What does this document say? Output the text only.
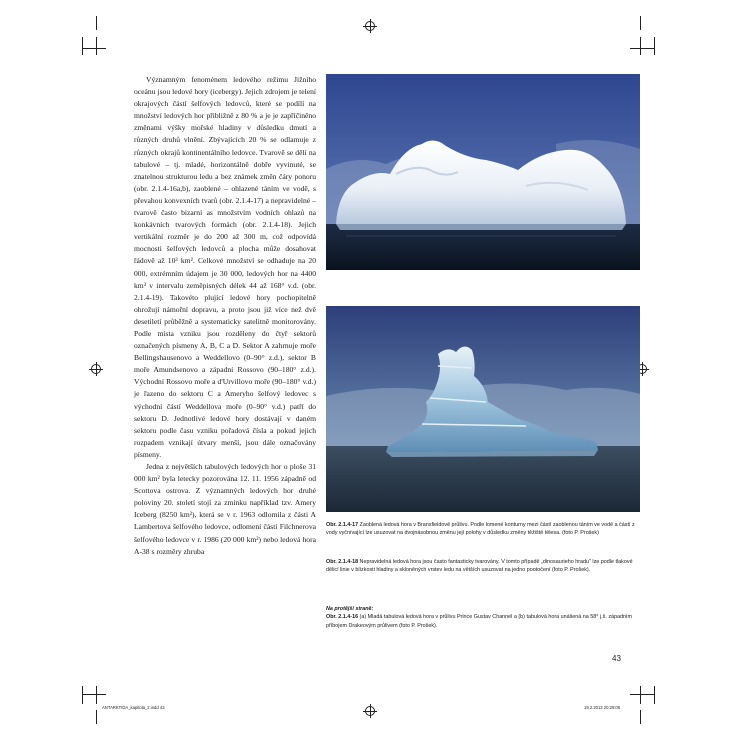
Významným fenoménem ledového režimu Jižního oceánu jsou ledové hory (icebergy). Jejich zdrojem je telení okrajových částí šelfových ledovců, které se podílí na množství ledových hor přibližně z 80 % a je je zapříčiněno změnami výšky mořské hladiny v důsledku dmutí a různých druhů vlnění. Zbývajících 20 % se odlamuje z různých okrajů kontinentálního ledovce. Tvarově se dělí na tabulové – tj. mladé, horizontálně dobře vyvinuté, se znatelnou strukturou ledu a bez známek změn čáry ponoru (obr. 2.1.4-16a,b), zaoblené – ohlazené táním ve vodě, s převahou konvexních tvarů (obr. 2.1.4-17) a nepravidelné – tvarově často bizarní as množstvím vodních ohlazů na konkávních tvarových formách (obr. 2.1.4-18). Jejich vertikální rozměr je do 200 až 300 m, což odpovídá mocnosti šelfových ledovců a plocha může dosahovat řádově až 10³ km². Celkové množství se odhaduje na 20 000, extrémním údajem je 30 000, ledových hor na 4400 km³ v intervalu zeměpisných délek 44 až 168° v.d. (obr. 2.1.4-19). Takovéto plující ledové hory pochopitelně ohrožují námořní dopravu, a proto jsou již více než dvě desetiletí průběžně a systematicky satelitně monitorovány. Podle místa vzniku jsou rozděleny do čtyř sektorů označených písmeny A, B, C a D. Sektor A zahrnuje moře Bellingshausenovo a Weddellovo (0–90° z.d.), sektor B moře Amundsenovo a západní Rossovo (90–180° z.d.). Východní Rossovo moře a d'Urvillovo moře (90–180° v.d.) je řazeno do sektoru C a Ameryho šelfový ledovec s východní částí Weddellova moře (0–90° v.d.) patří do sektoru D. Jednotlivé ledové hory dostávají v daném sektoru podle času vzniku pořadová čísla a pokud jejich rozpadem vznikají útvary menší, jsou dále označovány písmeny.

Jedna z největších tabulových ledových hor o ploše 31 000 km² byla letecky pozorována 12. 11. 1956 západně od Scottova ostrova. Z významných ledových hor druhé poloviny 20. století stojí za zmínku například tzv. Amery Iceberg (8250 km²), která se v r. 1963 odlomila z části A Lambertova šelfového ledovce, odlomení části Filchnerova šelfového ledovce v r. 1986 (20 000 km²) nebo ledová hora A-38 s rozměry zhruba

Obr. 2.1.4-17 Zaoblená ledová hora v Bransfieldově průlivu. Podle lomené konturny mezi částí zaoblenou táním ve vodě a částí z vody vyčnívající lze usuzovat na dvojnásobnou změnu její polohy v důsledku změny těžiště tělesa. (foto P. Prošek)
Obr. 2.1.4-18 Nepravidelná ledová hora jsou často fantasticky tvarovány. V tomto případě „dinosaurieho hradu" lze podle tlakové dělicí linie v blízkosti hladiny a skloněných vrstev ledu na větších usuzovat na jedno pootočení (foto P. Prošek).
Na protější straně:
Obr. 2.1.4-16 (a) Mladá tabulová ledová hora v průlivu Prince Gustav Channel a (b) tabulová hora unášená na 58° j.š. západním příbojem Drakeovým průlivem (foto P. Prošek).
43
ANTARKTIDA_kapitola_2.indd 43	19.2.2013 20:29:06
